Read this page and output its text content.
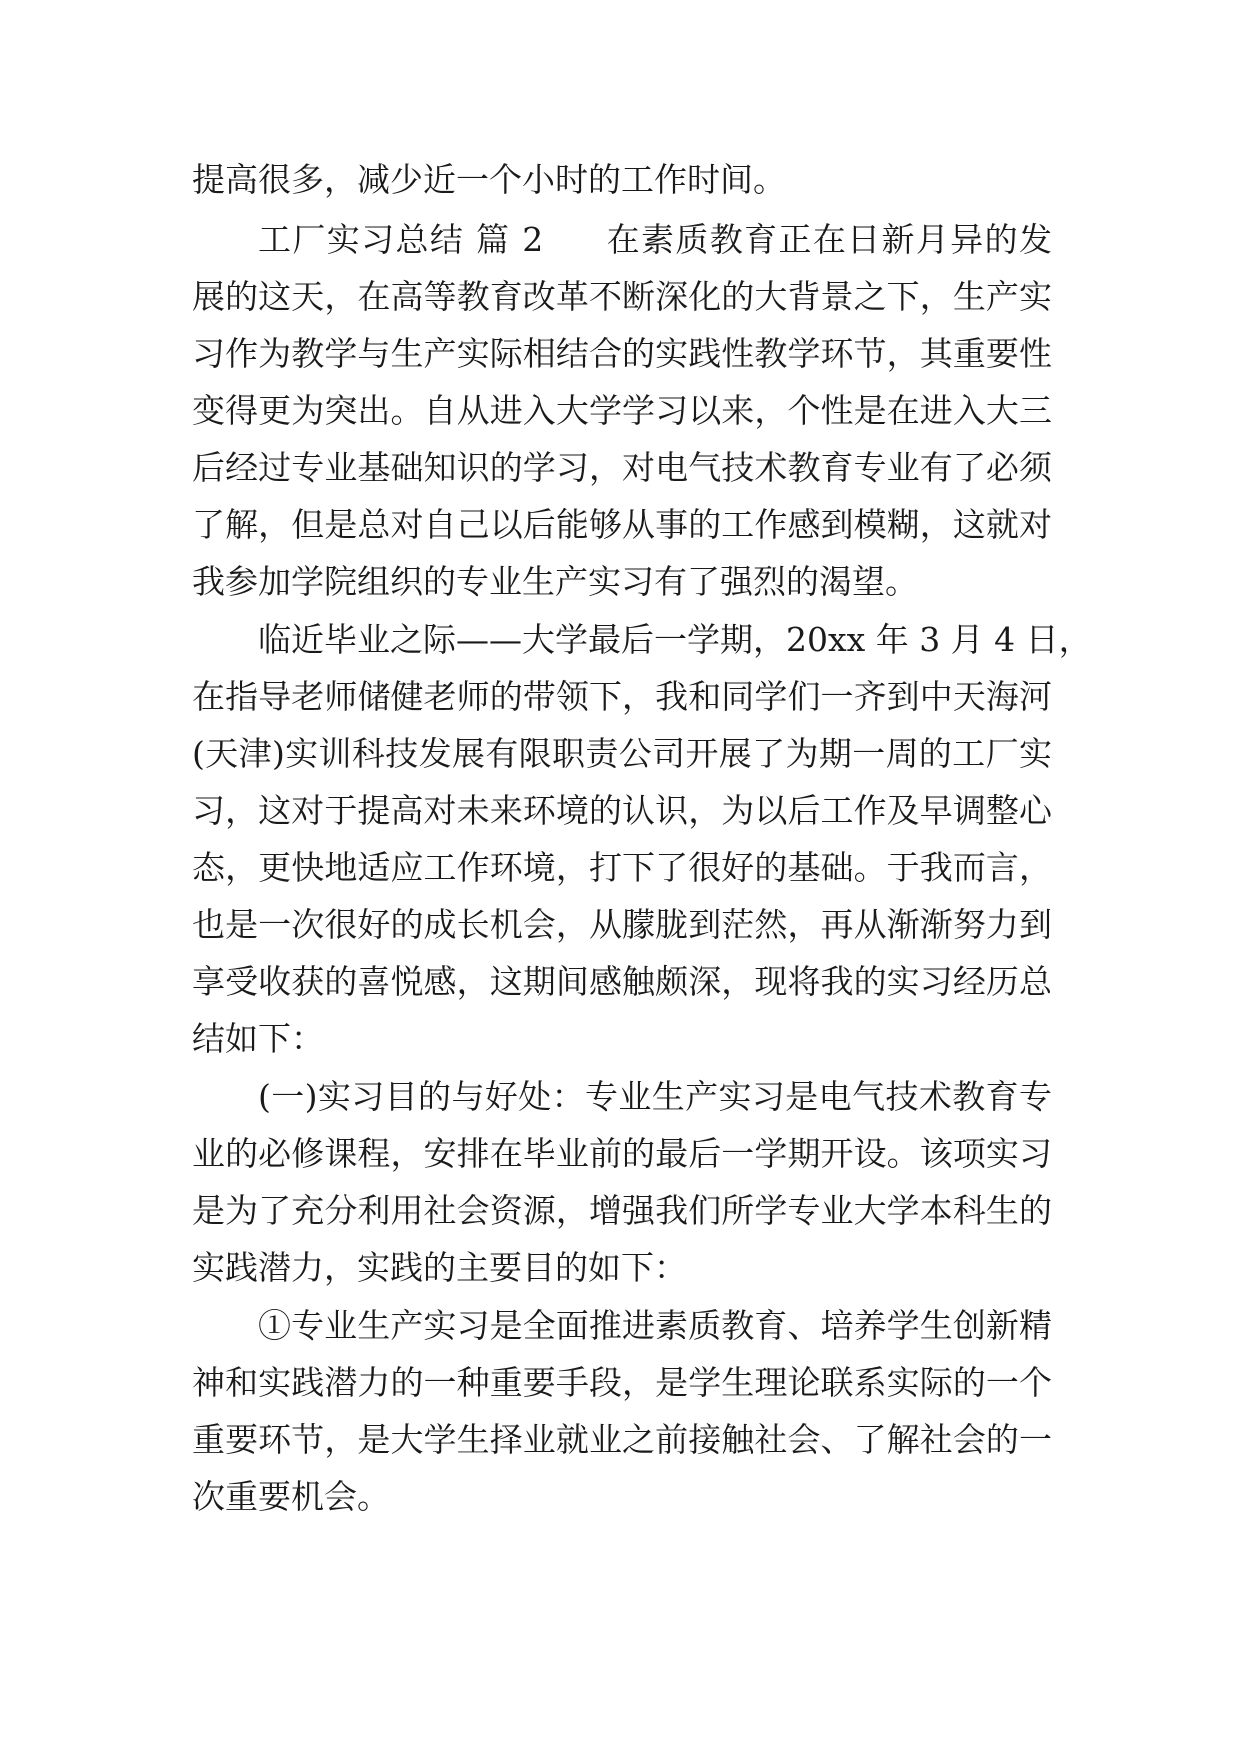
提高很多，减少近一个小时的工作时间。
工厂实习总结 篇 2 在素质教育正在日新月异的发
展的这天，在高等教育改革不断深化的大背景之下，生产实
习作为教学与生产实际相结合的实践性教学环节，其重要性
变得更为突出。自从进入大学学习以来，个性是在进入大三
后经过专业基础知识的学习，对电气技术教育专业有了必须
了解，但是总对自己以后能够从事的工作感到模糊，这就对
我参加学院组织的专业生产实习有了强烈的渴望。
临近毕业之际——大学最后一学期，20xx 年 3 月 4 日，
在指导老师储健老师的带领下，我和同学们一齐到中天海河
(天津)实训科技发展有限职责公司开展了为期一周的工厂实
习，这对于提高对未来环境的认识，为以后工作及早调整心
态，更快地适应工作环境，打下了很好的基础。于我而言，
也是一次很好的成长机会，从朦胧到茫然，再从渐渐努力到
享受收获的喜悦感，这期间感触颇深，现将我的实习经历总
结如下：
(一)实习目的与好处：专业生产实习是电气技术教育专
业的必修课程，安排在毕业前的最后一学期开设。该项实习
是为了充分利用社会资源，增强我们所学专业大学本科生的
实践潜力，实践的主要目的如下：
①专业生产实习是全面推进素质教育、培养学生创新精
神和实践潜力的一种重要手段，是学生理论联系实际的一个
重要环节，是大学生择业就业之前接触社会、了解社会的一
次重要机会。
